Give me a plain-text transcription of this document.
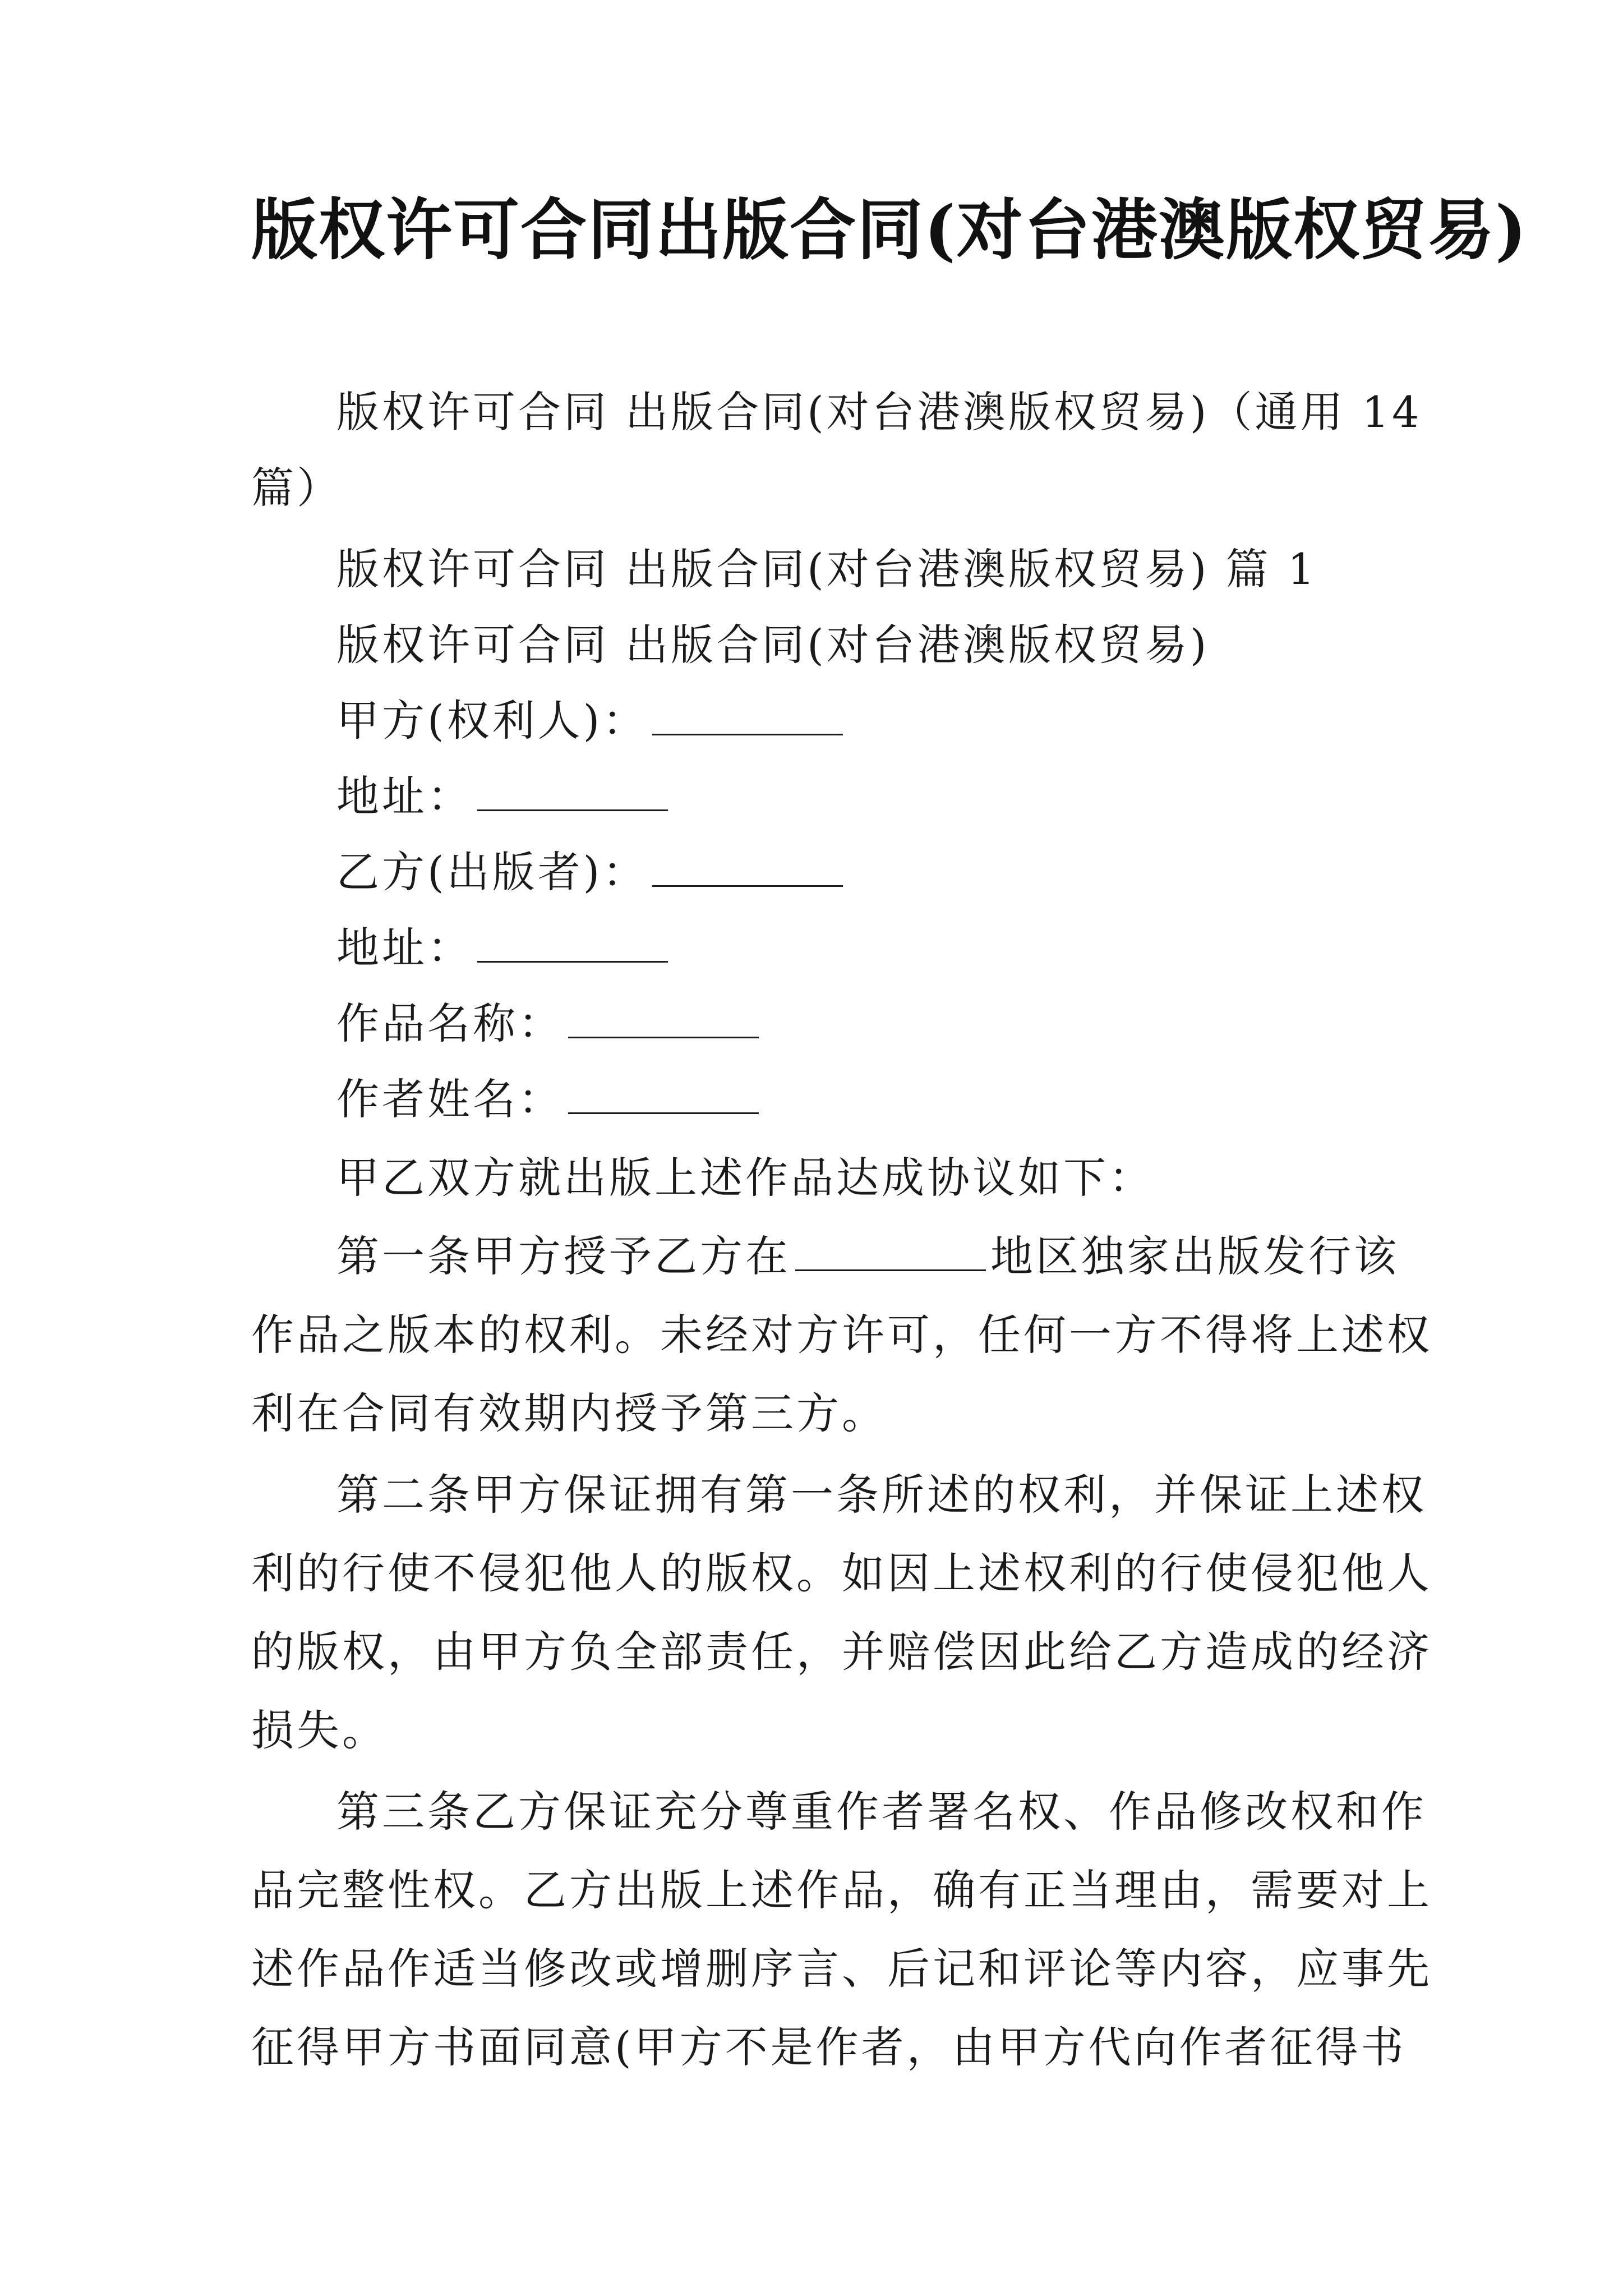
版权许可合同出版合同(对台港澳版权贸易)
版权许可合同 出版合同(对台港澳版权贸易)（通用 14
篇）
版权许可合同 出版合同(对台港澳版权贸易) 篇 1
版权许可合同 出版合同(对台港澳版权贸易)
甲方(权利人)：
地址：
乙方(出版者)：
地址：
作品名称：
作者姓名：
甲乙双方就出版上述作品达成协议如下：
第一条甲方授予乙方在	地区独家出版发行该
作品之版本的权利。未经对方许可，任何一方不得将上述权
利在合同有效期内授予第三方。
第二条甲方保证拥有第一条所述的权利，并保证上述权
利的行使不侵犯他人的版权。如因上述权利的行使侵犯他人
的版权，由甲方负全部责任，并赔偿因此给乙方造成的经济
损失。
第三条乙方保证充分尊重作者署名权、作品修改权和作
品完整性权。乙方出版上述作品，确有正当理由，需要对上
述作品作适当修改或增删序言、后记和评论等内容，应事先
征得甲方书面同意(甲方不是作者，由甲方代向作者征得书
